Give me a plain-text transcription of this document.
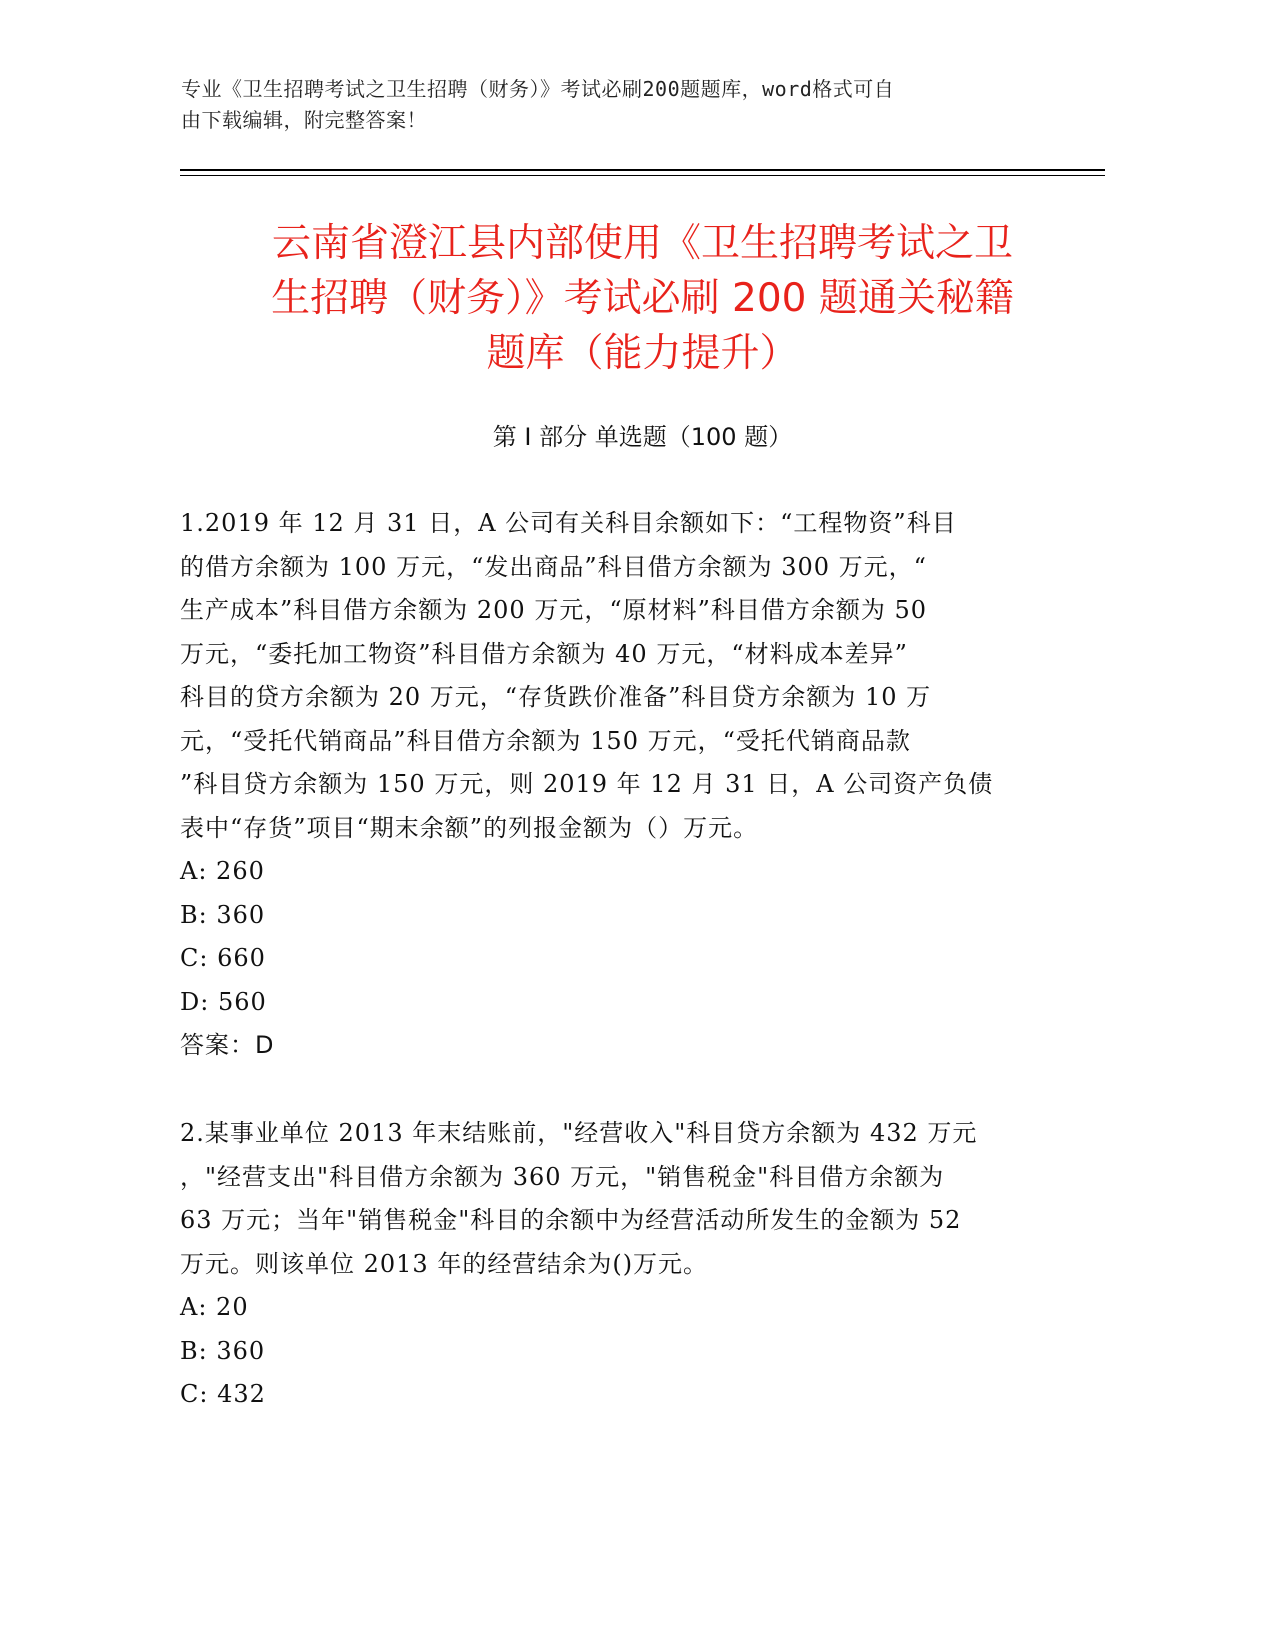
专业《卫生招聘考试之卫生招聘（财务）》考试必刷200题题库，word格式可自
由下载编辑，附完整答案！
云南省澄江县内部使用《卫生招聘考试之卫
生招聘（财务）》考试必刷 200 题通关秘籍
题库（能力提升）
第 I 部分 单选题（100 题）
1.2019 年 12 月 31 日，A 公司有关科目余额如下：“工程物资”科目
的借方余额为 100 万元，“发出商品”科目借方余额为 300 万元，“
生产成本”科目借方余额为 200 万元，“原材料”科目借方余额为 50
万元，“委托加工物资”科目借方余额为 40 万元，“材料成本差异”
科目的贷方余额为 20 万元，“存货跌价准备”科目贷方余额为 10 万
元，“受托代销商品”科目借方余额为 150 万元，“受托代销商品款
”科目贷方余额为 150 万元，则 2019 年 12 月 31 日，A 公司资产负债
表中“存货”项目“期末余额”的列报金额为（）万元。
A: 260
B: 360
C: 660
D: 560
答案：D
2.某事业单位 2013 年末结账前，"经营收入"科目贷方余额为 432 万元
，"经营支出"科目借方余额为 360 万元，"销售税金"科目借方余额为
63 万元；当年"销售税金"科目的余额中为经营活动所发生的金额为 52
万元。则该单位 2013 年的经营结余为()万元。
A: 20
B: 360
C: 432
